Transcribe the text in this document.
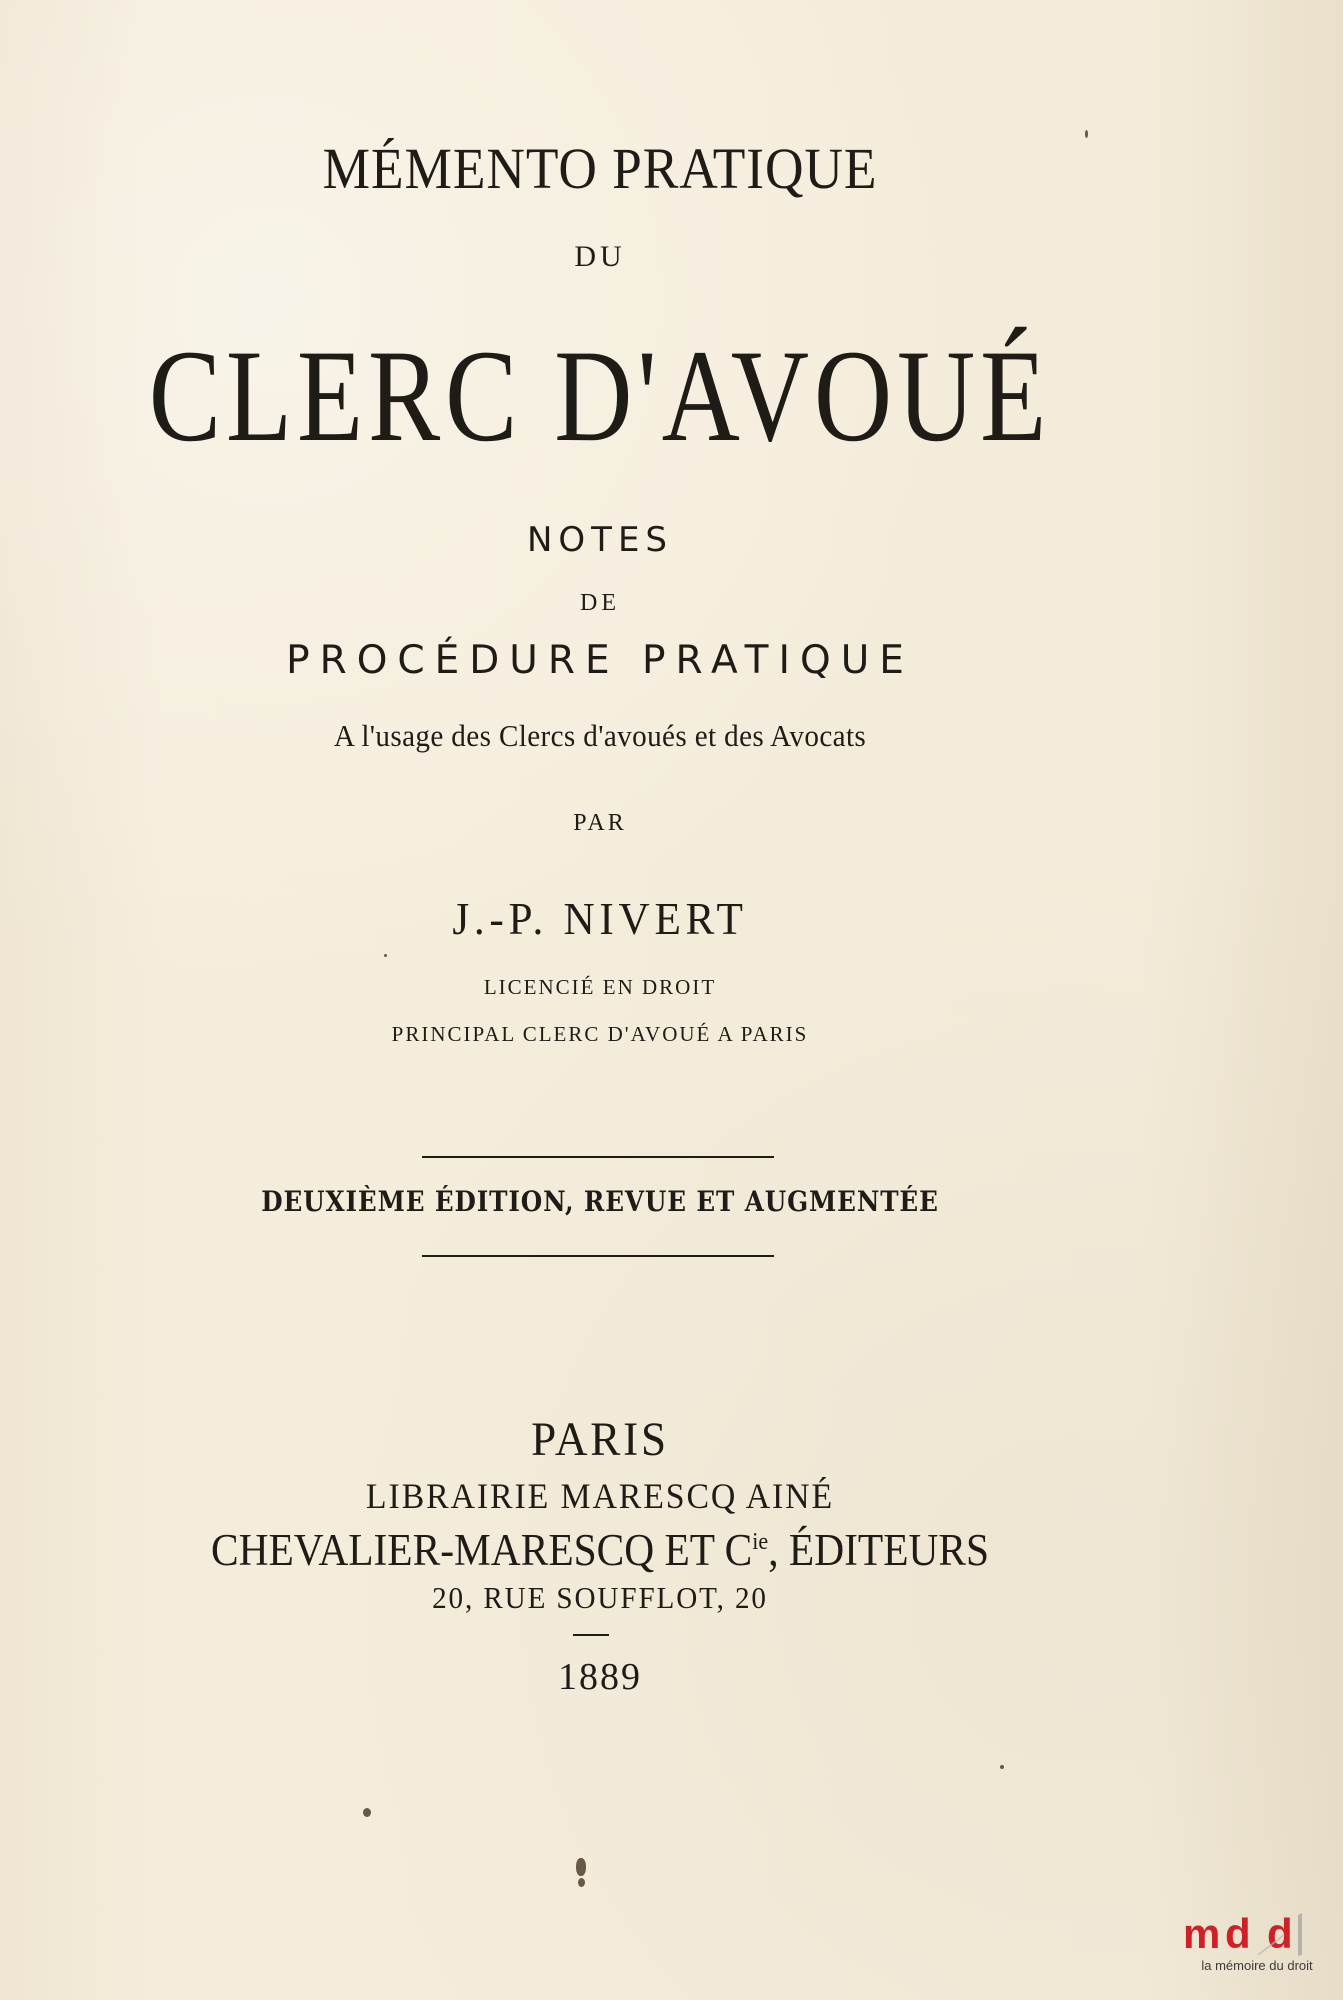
MÉMENTO PRATIQUE
DU
CLERC D'AVOUÉ
NOTES
DE
PROCÉDURE PRATIQUE
A l'usage des Clercs d'avoués et des Avocats
PAR
J.-P. NIVERT
LICENCIÉ EN DROIT
PRINCIPAL CLERC D'AVOUÉ A PARIS
DEUXIÈME ÉDITION, REVUE ET AUGMENTÉE
PARIS
LIBRAIRIE MARESCQ AINÉ
CHEVALIER-MARESCQ ET $C^{ie}$, ÉDITEURS
20, RUE SOUFFLOT, 20
1889
m d d
la mémoire du droit
